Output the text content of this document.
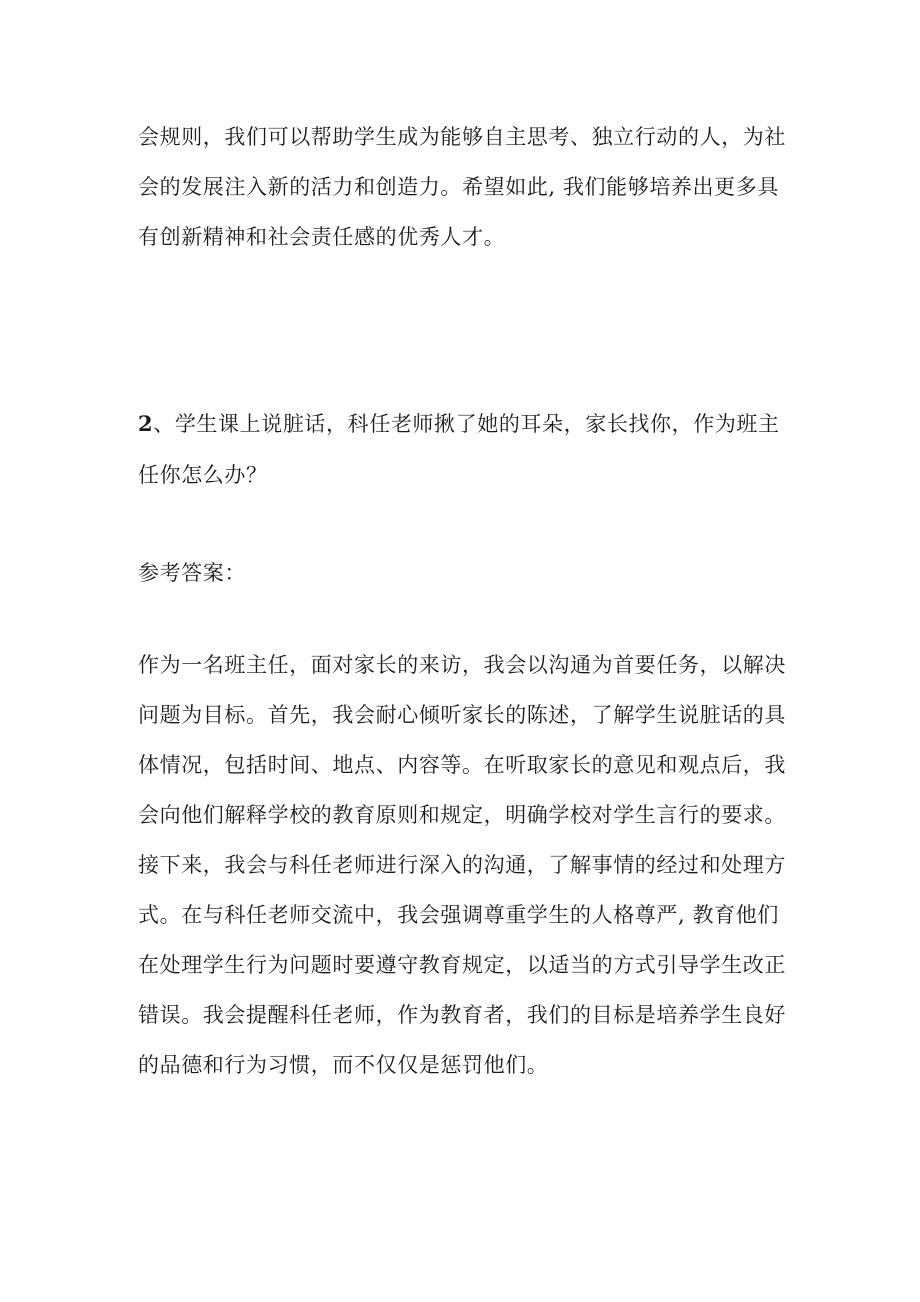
会规则，我们可以帮助学生成为能够自主思考、独立行动的人，为社
会的发展注入新的活力和创造力。希望如此, 我们能够培养出更多具
有创新精神和社会责任感的优秀人才。
2、学生课上说脏话，科任老师揪了她的耳朵，家长找你，作为班主
任你怎么办？
参考答案：
作为一名班主任，面对家长的来访，我会以沟通为首要任务，以解决
问题为目标。首先，我会耐心倾听家长的陈述，了解学生说脏话的具
体情况，包括时间、地点、内容等。在听取家长的意见和观点后，我
会向他们解释学校的教育原则和规定，明确学校对学生言行的要求。
接下来，我会与科任老师进行深入的沟通，了解事情的经过和处理方
式。在与科任老师交流中，我会强调尊重学生的人格尊严, 教育他们
在处理学生行为问题时要遵守教育规定，以适当的方式引导学生改正
错误。我会提醒科任老师，作为教育者，我们的目标是培养学生良好
的品德和行为习惯，而不仅仅是惩罚他们。
